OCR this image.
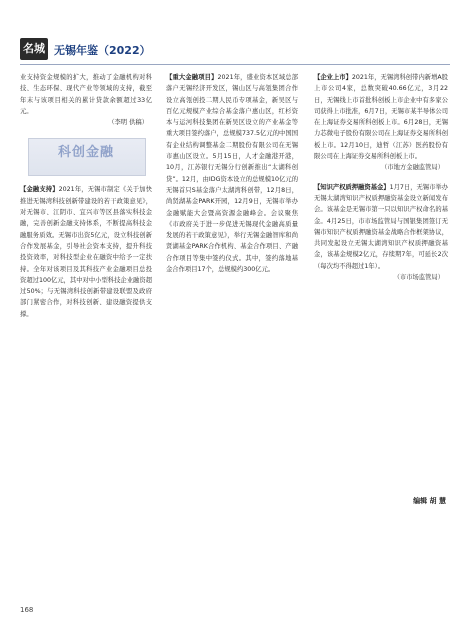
名城 无锡年鉴（2022）

业支持资金规模的扩大，推动了金融机构对科技、生态环保、现代产业等领域的支持，截至年末与该项目相关的累计贷款余额超过33亿元。

（李明 供稿）

科创金融

【金融支持】2021年，无锡市制定《关于加快推进无锡湾科技创新带建设的若干政策意见》，对无锡市、江阴市、宜兴市等区县落实科技金融，完善创新金融支持体系，不断提高科技金融服务质效。无锡市出资5亿元，设立科技创新合作发展基金，引导社会资本支持，提升科技投资效率，对科技型企业在融资中给予一定扶持。全年对该项目及其科技产业金融项目总投资超过100亿元，其中对中小型科技企业融资超过50%；与无锡湾科技创新带建设联盟及政府部门紧密合作，对科技创新、建设融资提供支撑。

【重大金融项目】2021年，盛业资本区域总部落户无锡经济开发区，锡山区与高瓴集团合作设立高瓴创投二期人民币专项基金，新吴区与百亿元规模产业综合基金落户惠山区，红杉资本与运河科技集团在新吴区设立的产业基金等重大项目签约落户，总规模737.5亿元的中国国有企业结构调整基金二期股份有限公司在无锡市惠山区设立。5月15日，人才金融港开港，10月，江苏银行无锡分行创新推出“太湖科创贷”。12月，由IDG资本设立的总规模10亿元的无锡首只S基金落户太湖湾科创带，12月8日，尚贤湖基金PARK开园，12月9日，无锡市举办金融赋能大会暨高资源金融峰会。会议聚焦《市政府关于进一步促进无锡现代金融高质量发展的若干政策意见》，举行无锡金融智库和尚贤湖基金PARK合作机构、基金合作项目、产融合作项目等集中签约仪式。其中，签约落地基金合作项目17个，总规模约300亿元。

【企业上市】2021年，无锡湾科创带内新增A股上市公司4家，总数突破40.66亿元，3月22日，无锡线上市首批科创板上市企业中有多家公司获得上市批准，6月7日，无锡市某半导体公司在上海证券交易所科创板上市。6月28日，无锡力芯微电子股份有限公司在上海证券交易所科创板上市。12月10日，迪哲（江苏）医药股份有限公司在上海证券交易所科创板上市。

（市地方金融监管局）

【知识产权质押融资基金】1月7日，无锡市举办无锡太湖湾知识产权质押融资基金设立新闻发布会。该基金是无锡市第一只以知识产权命名的基金。4月25日，市市场监管局与国银集团签订无锡市知识产权质押融资基金战略合作框架协议，共同发起设立无锡太湖湾知识产权质押融资基金，该基金规模2亿元，存续期7年，可延长2次（每次均不得超过1年）。

（市市场监管局）

编辑 胡 慧
168
